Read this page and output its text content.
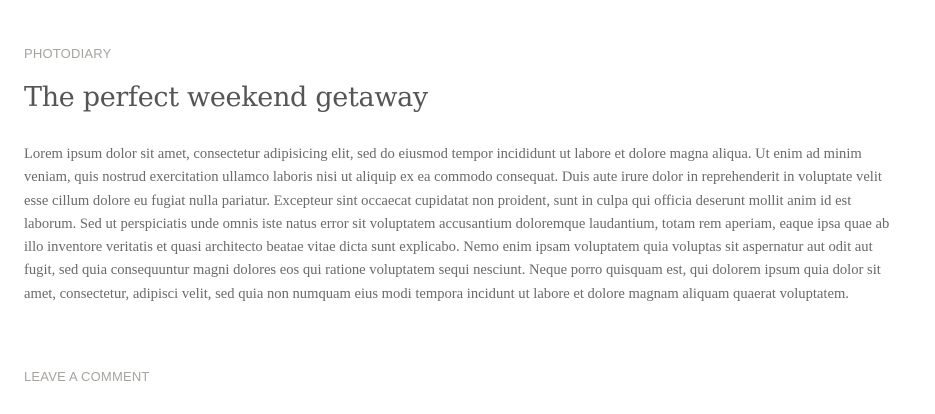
PHOTODIARY
The perfect weekend getaway

Lorem ipsum dolor sit amet, consectetur adipisicing elit, sed do eiusmod tempor incididunt ut labore et dolore magna aliqua. Ut enim ad minim veniam, quis nostrud exercitation ullamco laboris nisi ut aliquip ex ea commodo consequat. Duis aute irure dolor in reprehenderit in voluptate velit esse cillum dolore eu fugiat nulla pariatur. Excepteur sint occaecat cupidatat non proident, sunt in culpa qui officia deserunt mollit anim id est laborum. Sed ut perspiciatis unde omnis iste natus error sit voluptatem accusantium doloremque laudantium, totam rem aperiam, eaque ipsa quae ab illo inventore veritatis et quasi architecto beatae vitae dicta sunt explicabo. Nemo enim ipsam voluptatem quia voluptas sit aspernatur aut odit aut fugit, sed quia consequuntur magni dolores eos qui ratione voluptatem sequi nesciunt. Neque porro quisquam est, qui dolorem ipsum quia dolor sit amet, consectetur, adipisci velit, sed quia non numquam eius modi tempora incidunt ut labore et dolore magnam aliquam quaerat voluptatem.

LEAVE A COMMENT
